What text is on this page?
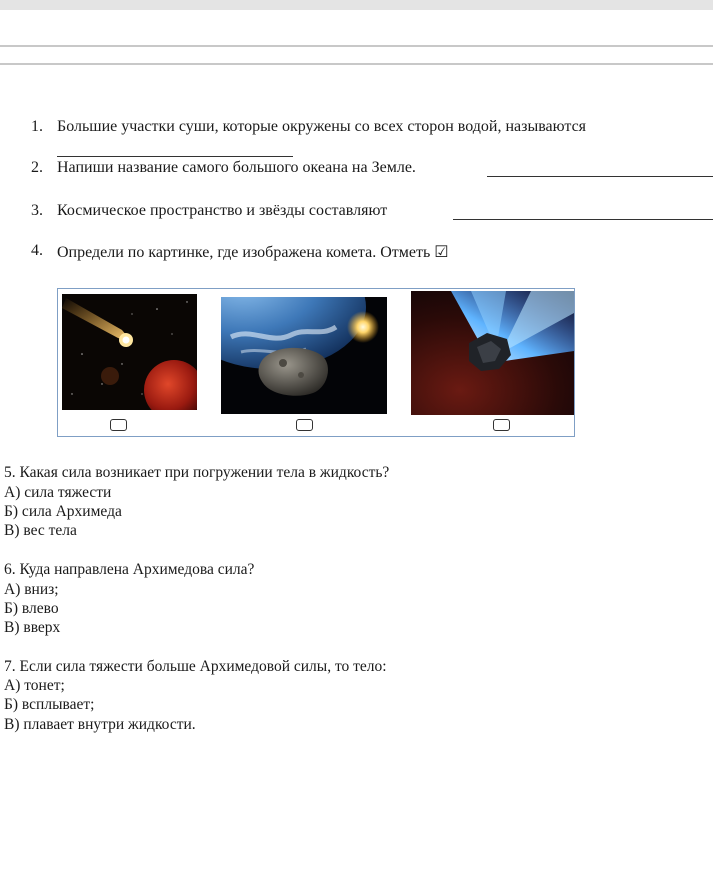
1. Большие участки суши, которые окружены со всех сторон водой, называются
2. Напиши название самого большого океана на Земле.
3. Космическое пространство и звёзды составляют
4. Определи по картинке, где изображена комета. Отметь ☑
5. Какая сила возникает при погружении тела в жидкость?
А) сила тяжести
Б) сила Архимеда
В) вес тела
6. Куда направлена Архимедова сила?
А) вниз;
Б) влево
В) вверх
7. Если сила тяжести больше Архимедовой силы, то тело:
А) тонет;
Б) всплывает;
В) плавает внутри жидкости.
